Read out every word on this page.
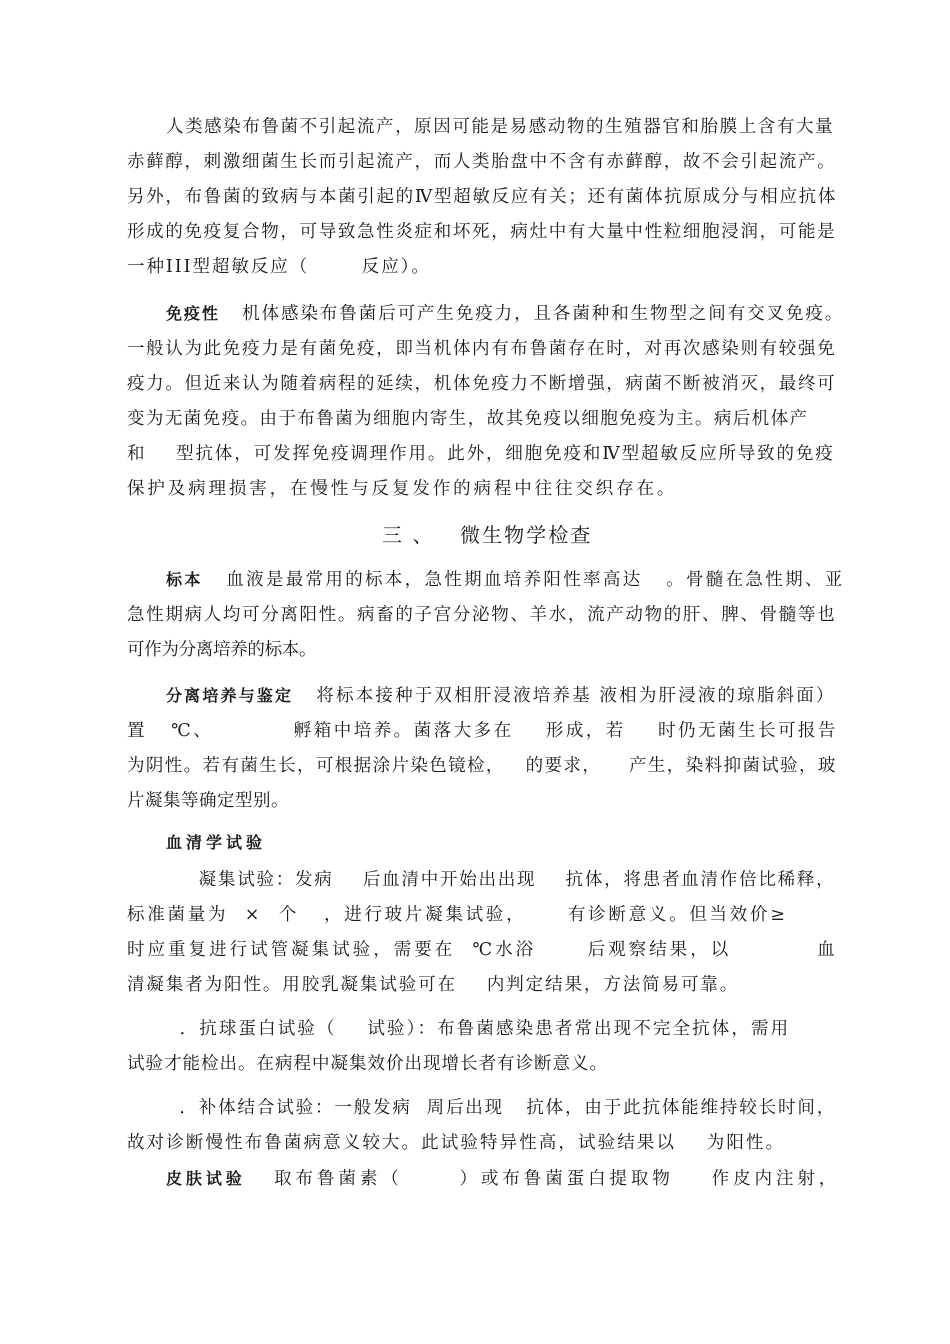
人类感染布鲁菌不引起流产，原因可能是易感动物的生殖器官和胎膜上含有大量
赤藓醇，刺激细菌生长而引起流产，而人类胎盘中不含有赤藓醇，故不会引起流产。
另外，布鲁菌的致病与本菌引起的Ⅳ型超敏反应有关；还有菌体抗原成分与相应抗体
形成的免疫复合物，可导致急性炎症和坏死，病灶中有大量中性粒细胞浸润，可能是
一种III型超敏反应（       反应）。
免疫性   机体感染布鲁菌后可产生免疫力，且各菌种和生物型之间有交叉免疫。
一般认为此免疫力是有菌免疫，即当机体内有布鲁菌存在时，对再次感染则有较强免
疫力。但近来认为随着病程的延续，机体免疫力不断增强，病菌不断被消灭，最终可
变为无菌免疫。由于布鲁菌为细胞内寄生，故其免疫以细胞免疫为主。病后机体产
和    型抗体，可发挥免疫调理作用。此外，细胞免疫和Ⅳ型超敏反应所导致的免疫
保护及病理损害，在慢性与反复发作的病程中往往交织存在。
三 、   微生物学检查
标本   血液是最常用的标本，急性期血培养阳性率高达   。骨髓在急性期、亚
急性期病人均可分离阳性。病畜的子宫分泌物、羊水，流产动物的肝、脾、骨髓等也
可作为分离培养的标本。
分离培养与鉴定   将标本接种于双相肝浸液培养基 液相为肝浸液的琼脂斜面）
置   ℃、          孵箱中培养。菌落大多在    形成，若    时仍无菌生长可报告
为阴性。若有菌生长，可根据涂片染色镜检，   的要求，    产生，染料抑菌试验，玻
片凝集等确定型别。
血清学试验
凝集试验：发病    后血清中开始出出现    抗体，将患者血清作倍比稀释，
标准菌量为  ×  个   ，进行玻片凝集试验，     有诊断意义。但当效价≥
时应重复进行试管凝集试验，需要在  ℃水浴      后观察结果，以          血
清凝集者为阳性。用胶乳凝集试验可在    内判定结果，方法简易可靠。
．抗球蛋白试验（    试验）：布鲁菌感染患者常出现不完全抗体，需用
试验才能检出。在病程中凝集效价出现增长者有诊断意义。
．补体结合试验：一般发病  周后出现   抗体，由于此抗体能维持较长时间，
故对诊断慢性布鲁菌病意义较大。此试验特异性高，试验结果以    为阳性。
皮肤试验   取布鲁菌素（      ）或布鲁菌蛋白提取物    作皮内注射，
